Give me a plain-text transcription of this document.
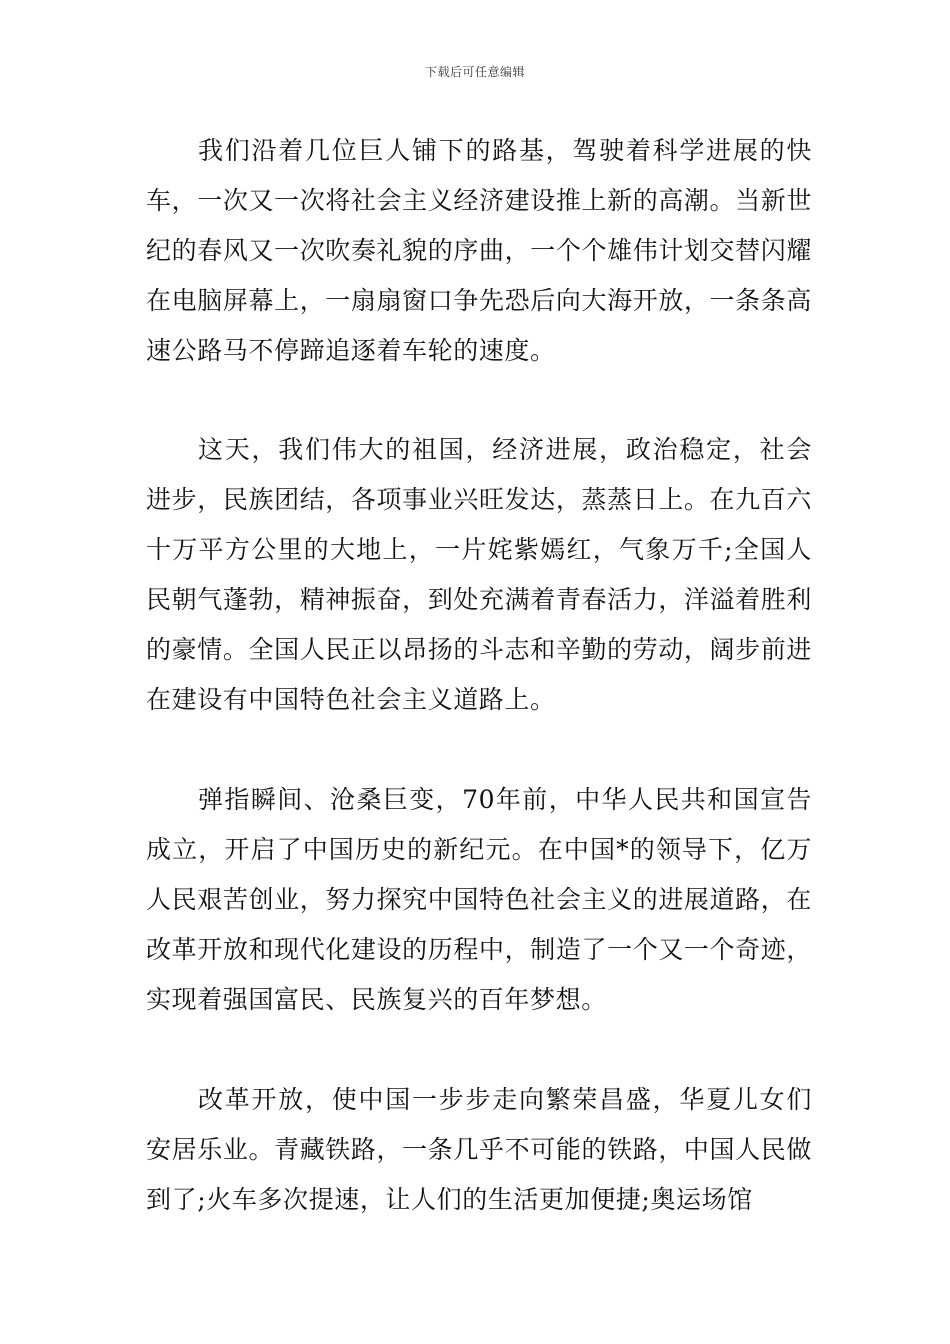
下载后可任意编辑

我们沿着几位巨人铺下的路基，驾驶着科学进展的快车，一次又一次将社会主义经济建设推上新的高潮。当新世纪的春风又一次吹奏礼貌的序曲，一个个雄伟计划交替闪耀在电脑屏幕上，一扇扇窗口争先恐后向大海开放，一条条高速公路马不停蹄追逐着车轮的速度。

这天，我们伟大的祖国，经济进展，政治稳定，社会进步，民族团结，各项事业兴旺发达，蒸蒸日上。在九百六十万平方公里的大地上，一片姹紫嫣红，气象万千;全国人民朝气蓬勃，精神振奋，到处充满着青春活力，洋溢着胜利的豪情。全国人民正以昂扬的斗志和辛勤的劳动，阔步前进在建设有中国特色社会主义道路上。

弹指瞬间、沧桑巨变，70年前，中华人民共和国宣告成立，开启了中国历史的新纪元。在中国*的领导下，亿万人民艰苦创业，努力探究中国特色社会主义的进展道路，在改革开放和现代化建设的历程中，制造了一个又一个奇迹，实现着强国富民、民族复兴的百年梦想。

改革开放，使中国一步步走向繁荣昌盛，华夏儿女们安居乐业。青藏铁路，一条几乎不可能的铁路，中国人民做到了;火车多次提速，让人们的生活更加便捷;奥运场馆
